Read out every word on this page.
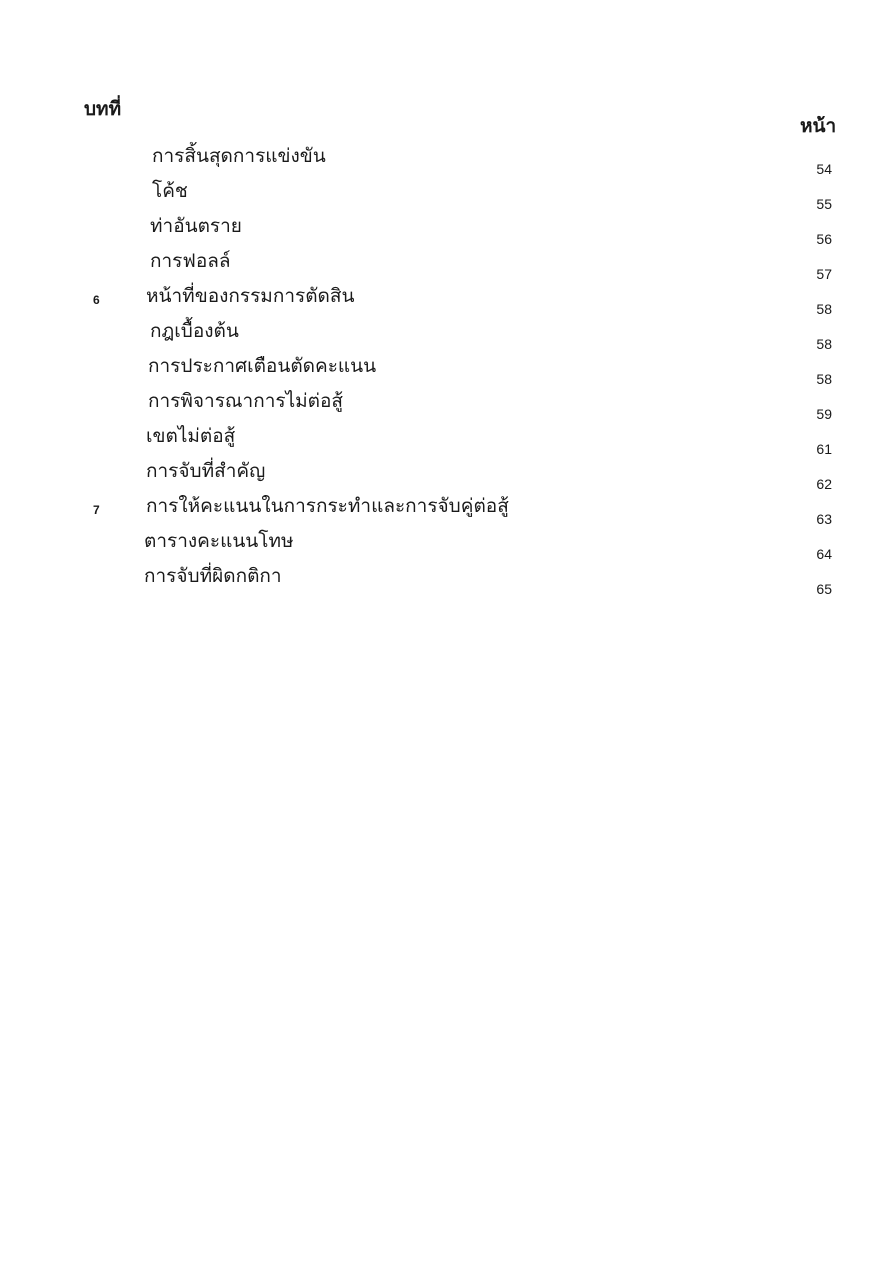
บทที่
หน้า
การสิ้นสุดการแข่งขัน
54
โค้ช
55
ท่าอันตราย
56
การฟอลล์
57
6	หน้าที่ของกรรมการตัดสิน
58
กฎเบื้องต้น
58
การประกาศเตือนตัดคะแนน
58
การพิจารณาการไม่ต่อสู้
59
เขตไม่ต่อสู้
61
การจับที่สำคัญ
62
7	การให้คะแนนในการกระทำและการจับคู่ต่อสู้
63
ตารางคะแนนโทษ
64
การจับที่ผิดกติกา
65
